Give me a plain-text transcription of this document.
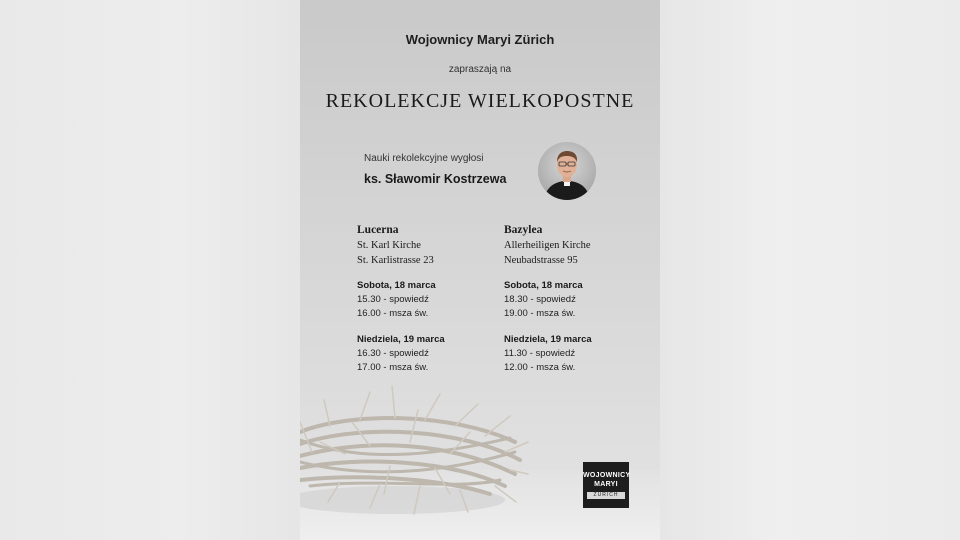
Wojownicy Maryi Zürich
zapraszają na
REKOLEKCJE WIELKOPOSTNE
Nauki rekolekcyjne wygłosi
ks. Sławomir Kostrzewa
Lucerna
St. Karl Kirche
St. Karlistrasse 23
Sobota, 18 marca
15.30 - spowiedź
16.00 - msza św.
Niedziela, 19 marca
16.30 - spowiedź
17.00 - msza św.
Bazylea
Allerheiligen Kirche
Neubadstrasse 95
Sobota, 18 marca
18.30 - spowiedź
19.00 - msza św.
Niedziela, 19 marca
11.30 - spowiedź
12.00 - msza św.
WOJOWNICY
MARYI
ZÜRICH
